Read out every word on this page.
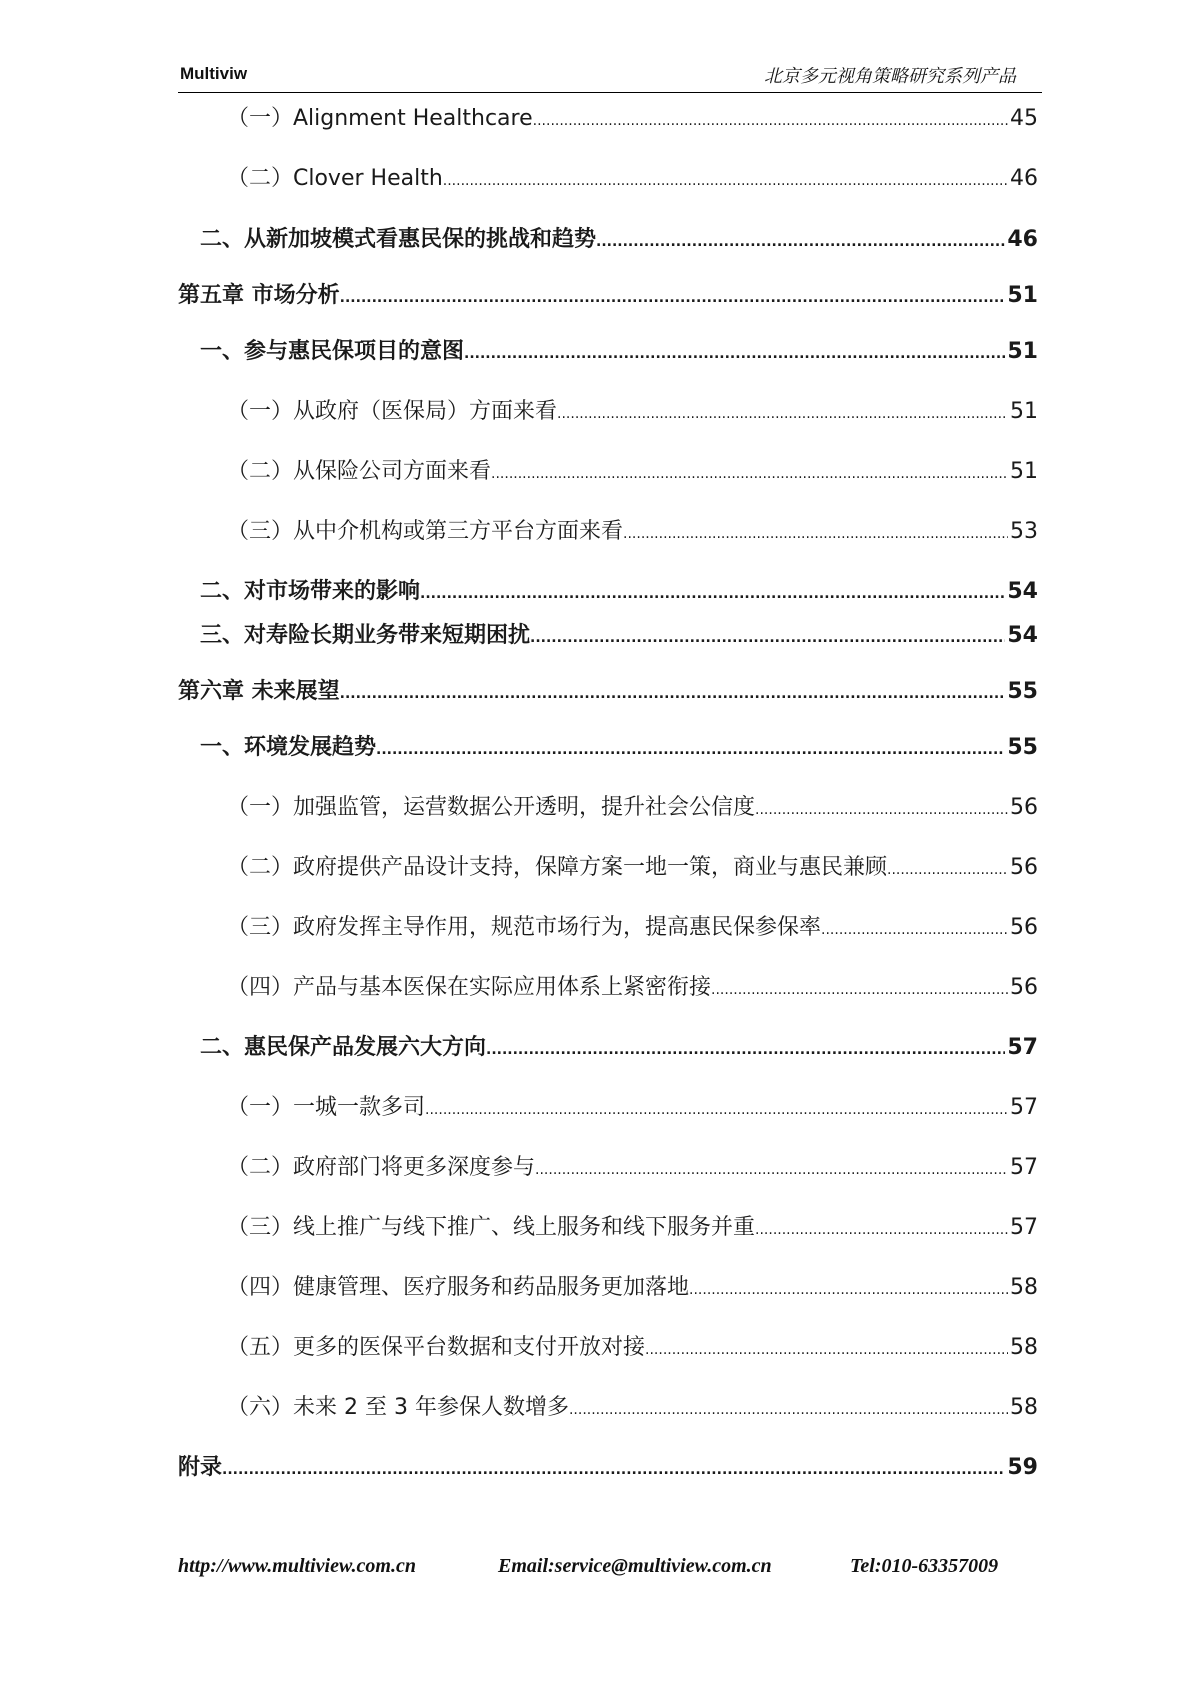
Multiviw	北京多元视角策略研究系列产品
（一）Alignment Healthcare .....	45
（二）Clover Health .....	46
二、从新加坡模式看惠民保的挑战和趋势 .....	46
第五章 市场分析 .....	51
一、参与惠民保项目的意图 .....	51
（一）从政府（医保局）方面来看 .....	51
（二）从保险公司方面来看 .....	51
（三）从中介机构或第三方平台方面来看 .....	53
二、对市场带来的影响 .....	54
三、对寿险长期业务带来短期困扰 .....	54
第六章 未来展望 .....	55
一、环境发展趋势 .....	55
（一）加强监管，运营数据公开透明，提升社会公信度 .....	56
（二）政府提供产品设计支持，保障方案一地一策，商业与惠民兼顾 .....	56
（三）政府发挥主导作用，规范市场行为，提高惠民保参保率 .....	56
（四）产品与基本医保在实际应用体系上紧密衔接 .....	56
二、惠民保产品发展六大方向 .....	57
（一）一城一款多司 .....	57
（二）政府部门将更多深度参与 .....	57
（三）线上推广与线下推广、线上服务和线下服务并重 .....	57
（四）健康管理、医疗服务和药品服务更加落地 .....	58
（五）更多的医保平台数据和支付开放对接 .....	58
（六）未来 2 至 3 年参保人数增多 .....	58
附录 .....	59
http://www.multiview.com.cn	Email:service@multiview.com.cn	Tel:010-63357009
